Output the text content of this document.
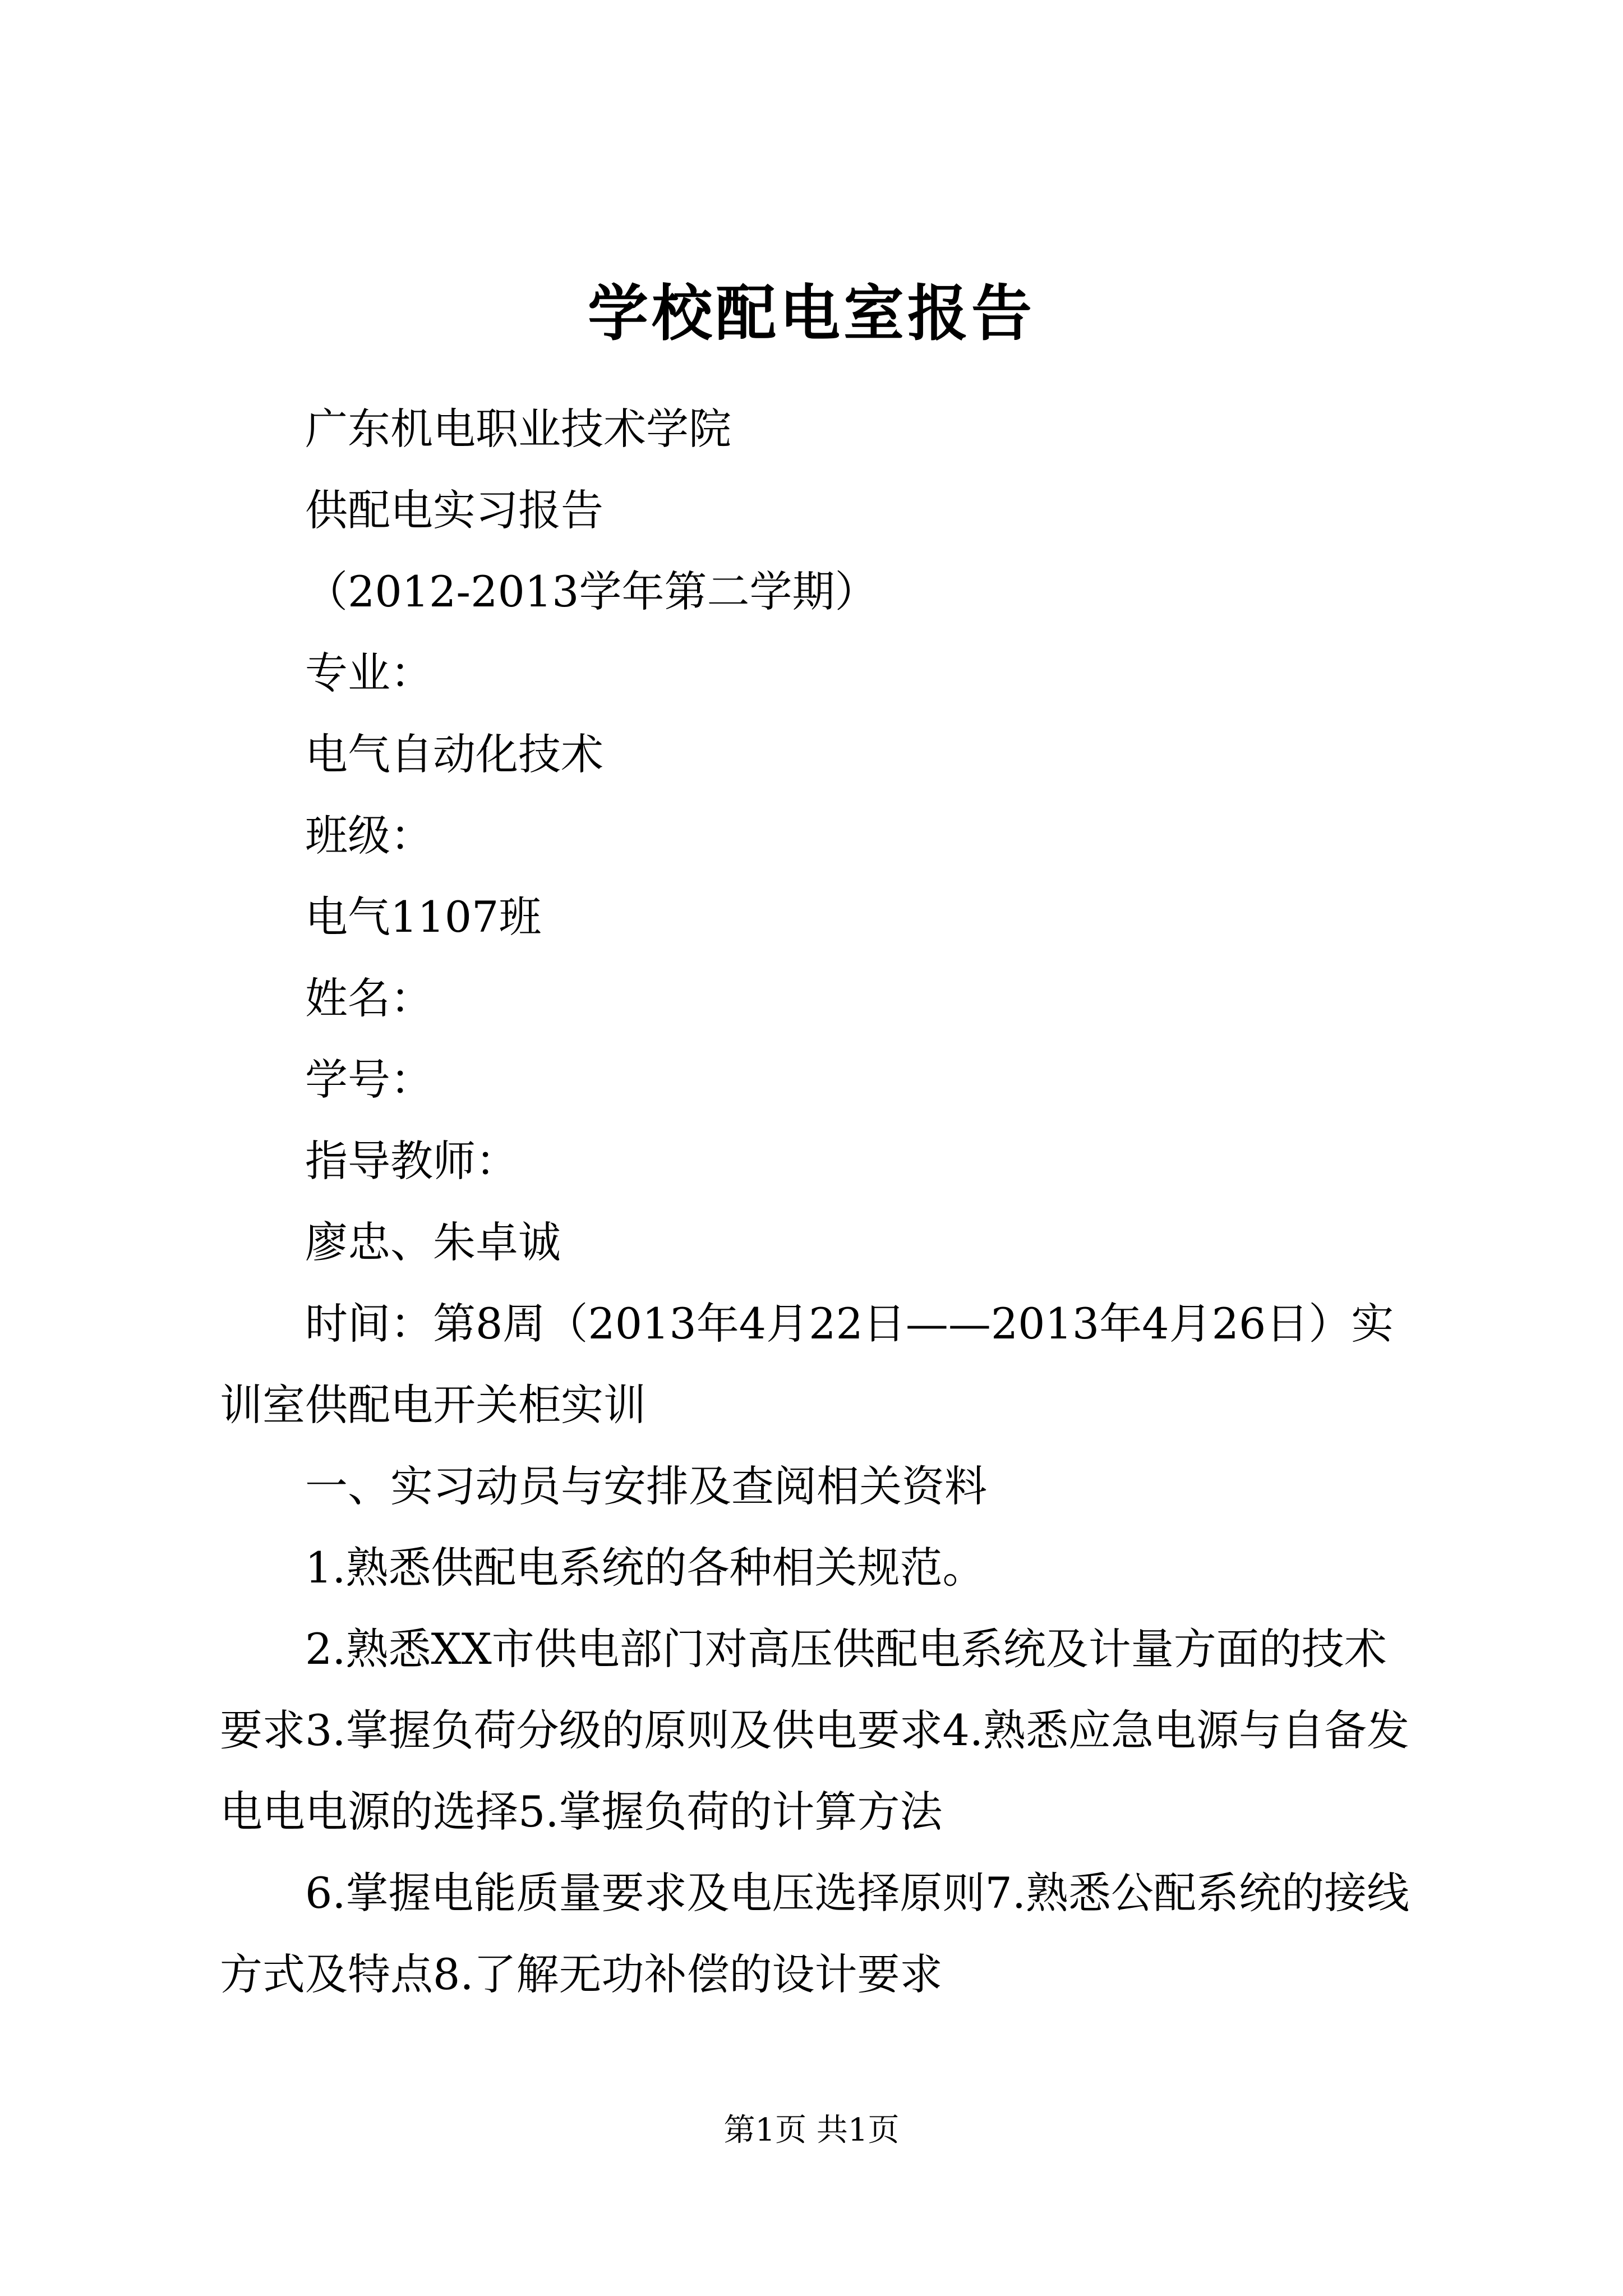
学校配电室报告

广东机电职业技术学院

供配电实习报告

（2012-2013学年第二学期）

专业：

电气自动化技术

班级：

电气1107班

姓名：

学号：

指导教师：

廖忠、朱卓诚

时间：第8周（2013年4月22日——2013年4月26日）实训室供配电开关柜实训

一、实习动员与安排及查阅相关资料

1.熟悉供配电系统的各种相关规范。

2.熟悉XX市供电部门对高压供配电系统及计量方面的技术要求3.掌握负荷分级的原则及供电要求4.熟悉应急电源与自备发电电电源的选择5.掌握负荷的计算方法

6.掌握电能质量要求及电压选择原则7.熟悉公配系统的接线方式及特点8.了解无功补偿的设计要求

第1页 共1页
